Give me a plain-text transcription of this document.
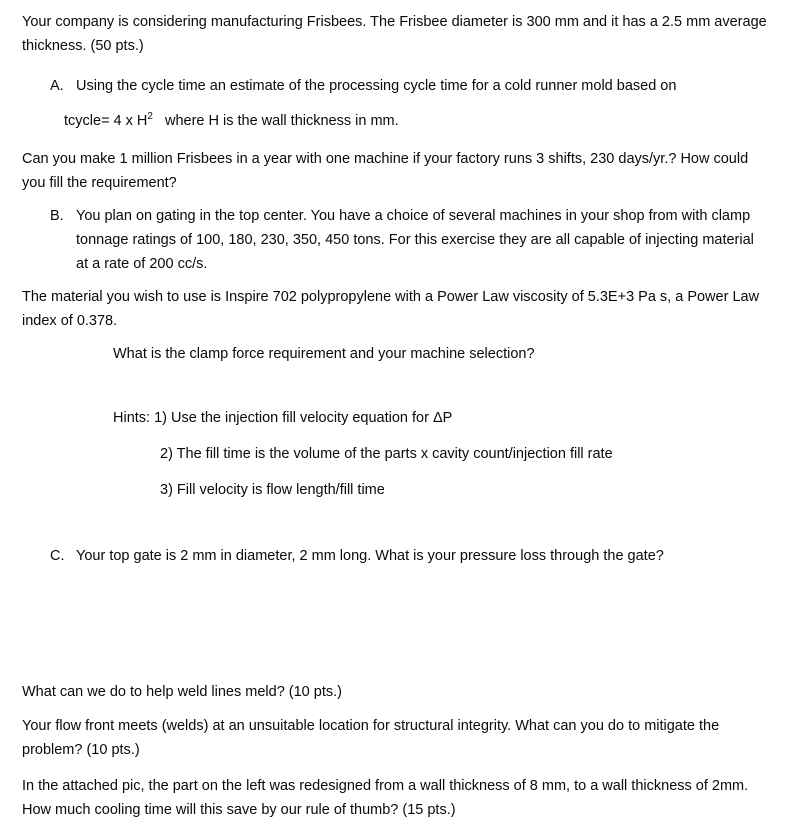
Your company is considering manufacturing Frisbees. The Frisbee diameter is 300 mm and it has a 2.5 mm average thickness. (50 pts.)

A. Using the cycle time an estimate of the processing cycle time for a cold runner mold based on

tcycle= 4 x $H^2$ where H is the wall thickness in mm.

Can you make 1 million Frisbees in a year with one machine if your factory runs 3 shifts, 230 days/yr.? How could you fill the requirement?

B. You plan on gating in the top center. You have a choice of several machines in your shop from with clamp tonnage ratings of 100, 180, 230, 350, 450 tons. For this exercise they are all capable of injecting material at a rate of 200 cc/s.

The material you wish to use is Inspire 702 polypropylene with a Power Law viscosity of 5.3E+3 Pa s, a Power Law index of 0.378.

What is the clamp force requirement and your machine selection?

Hints: 1) Use the injection fill velocity equation for ΔP

2) The fill time is the volume of the parts x cavity count/injection fill rate

3) Fill velocity is flow length/fill time

C. Your top gate is 2 mm in diameter, 2 mm long. What is your pressure loss through the gate?

What can we do to help weld lines meld? (10 pts.)

Your flow front meets (welds) at an unsuitable location for structural integrity. What can you do to mitigate the problem? (10 pts.)

In the attached pic, the part on the left was redesigned from a wall thickness of 8 mm, to a wall thickness of 2mm. How much cooling time will this save by our rule of thumb? (15 pts.)
